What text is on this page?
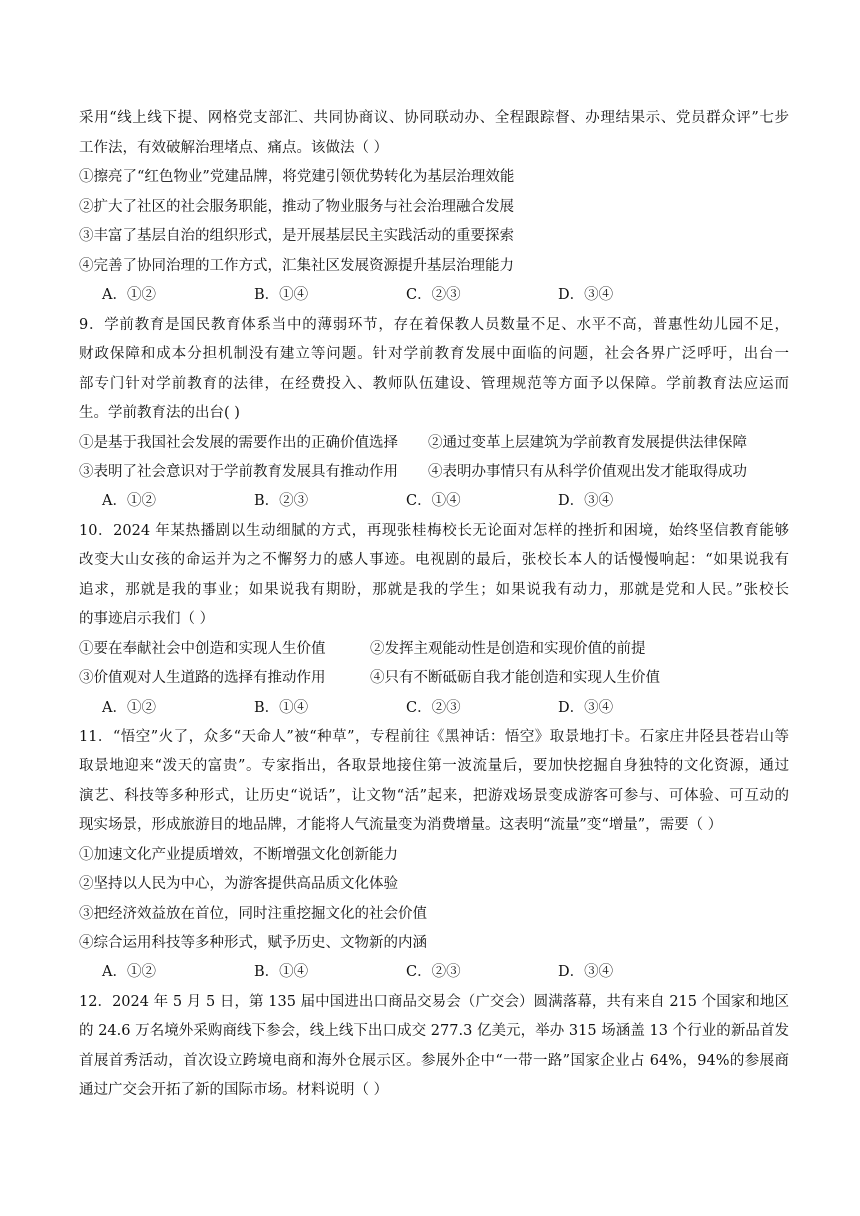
采用“线上线下提、网格党支部汇、共同协商议、协同联动办、全程跟踪督、办理结果示、党员群众评”七步
工作法，有效破解治理堵点、痛点。该做法（ ）
①擦亮了“红色物业”党建品牌，将党建引领优势转化为基层治理效能
②扩大了社区的社会服务职能，推动了物业服务与社会治理融合发展
③丰富了基层自治的组织形式，是开展基层民主实践活动的重要探索
④完善了协同治理的工作方式，汇集社区发展资源提升基层治理能力
A．①②	B．①④	C．②③	D．③④
9．学前教育是国民教育体系当中的薄弱环节，存在着保教人员数量不足、水平不高，普惠性幼儿园不足，
财政保障和成本分担机制没有建立等问题。针对学前教育发展中面临的问题，社会各界广泛呼吁，出台一
部专门针对学前教育的法律，在经费投入、教师队伍建设、管理规范等方面予以保障。学前教育法应运而
生。学前教育法的出台( )
①是基于我国社会发展的需要作出的正确价值选择 ②通过变革上层建筑为学前教育发展提供法律保障
③表明了社会意识对于学前教育发展具有推动作用 ④表明办事情只有从科学价值观出发才能取得成功
A．①②	B．②③	C．①④	D．③④
10．2024 年某热播剧以生动细腻的方式，再现张桂梅校长无论面对怎样的挫折和困境，始终坚信教育能够
改变大山女孩的命运并为之不懈努力的感人事迹。电视剧的最后，张校长本人的话慢慢响起：“如果说我有
追求，那就是我的事业；如果说我有期盼，那就是我的学生；如果说我有动力，那就是党和人民。”张校长
的事迹启示我们（ ）
①要在奉献社会中创造和实现人生价值	②发挥主观能动性是创造和实现价值的前提
③价值观对人生道路的选择有推动作用	④只有不断砥砺自我才能创造和实现人生价值
A．①②	B．①④	C．②③	D．③④
11．“悟空”火了，众多“天命人”被“种草”，专程前往《黑神话：悟空》取景地打卡。石家庄井陉县苍岩山等
取景地迎来“泼天的富贵”。专家指出，各取景地接住第一波流量后，要加快挖掘自身独特的文化资源，通过
演艺、科技等多种形式，让历史“说话”，让文物“活”起来，把游戏场景变成游客可参与、可体验、可互动的
现实场景，形成旅游目的地品牌，才能将人气流量变为消费增量。这表明“流量”变“增量”，需要（ ）
①加速文化产业提质增效，不断增强文化创新能力
②坚持以人民为中心，为游客提供高品质文化体验
③把经济效益放在首位，同时注重挖掘文化的社会价值
④综合运用科技等多种形式，赋予历史、文物新的内涵
A．①②	B．①④	C．②③	D．③④
12．2024 年 5 月 5 日，第 135 届中国进出口商品交易会（广交会）圆满落幕，共有来自 215 个国家和地区
的 24.6 万名境外采购商线下参会，线上线下出口成交 277.3 亿美元，举办 315 场涵盖 13 个行业的新品首发
首展首秀活动，首次设立跨境电商和海外仓展示区。参展外企中“一带一路”国家企业占 64%，94%的参展商
通过广交会开拓了新的国际市场。材料说明（ ）
